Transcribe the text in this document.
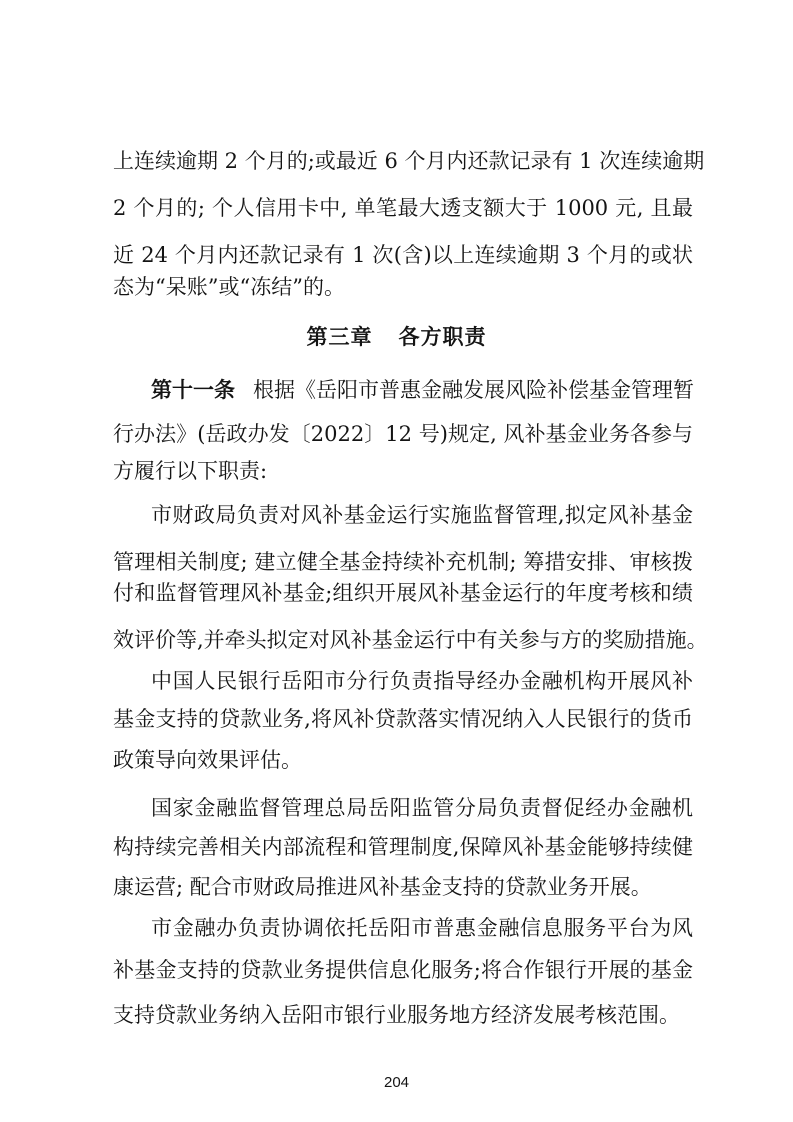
上连续逾期 2 个月的;或最近 6 个月内还款记录有 1 次连续逾期
2 个月的; 个人信用卡中, 单笔最大透支额大于 1000 元, 且最
近 24 个月内还款记录有 1 次(含)以上连续逾期 3 个月的或状
态为“呆账”或“冻结”的。
第三章 各方职责
第十一条 根据《岳阳市普惠金融发展风险补偿基金管理暂
行办法》(岳政办发〔2022〕12 号)规定, 风补基金业务各参与
方履行以下职责:
市财政局负责对风补基金运行实施监督管理,拟定风补基金
管理相关制度; 建立健全基金持续补充机制; 筹措安排、审核拨
付和监督管理风补基金;组织开展风补基金运行的年度考核和绩
效评价等,并牵头拟定对风补基金运行中有关参与方的奖励措施。
中国人民银行岳阳市分行负责指导经办金融机构开展风补
基金支持的贷款业务,将风补贷款落实情况纳入人民银行的货币
政策导向效果评估。
国家金融监督管理总局岳阳监管分局负责督促经办金融机
构持续完善相关内部流程和管理制度,保障风补基金能够持续健
康运营; 配合市财政局推进风补基金支持的贷款业务开展。
市金融办负责协调依托岳阳市普惠金融信息服务平台为风
补基金支持的贷款业务提供信息化服务;将合作银行开展的基金
支持贷款业务纳入岳阳市银行业服务地方经济发展考核范围。
204
